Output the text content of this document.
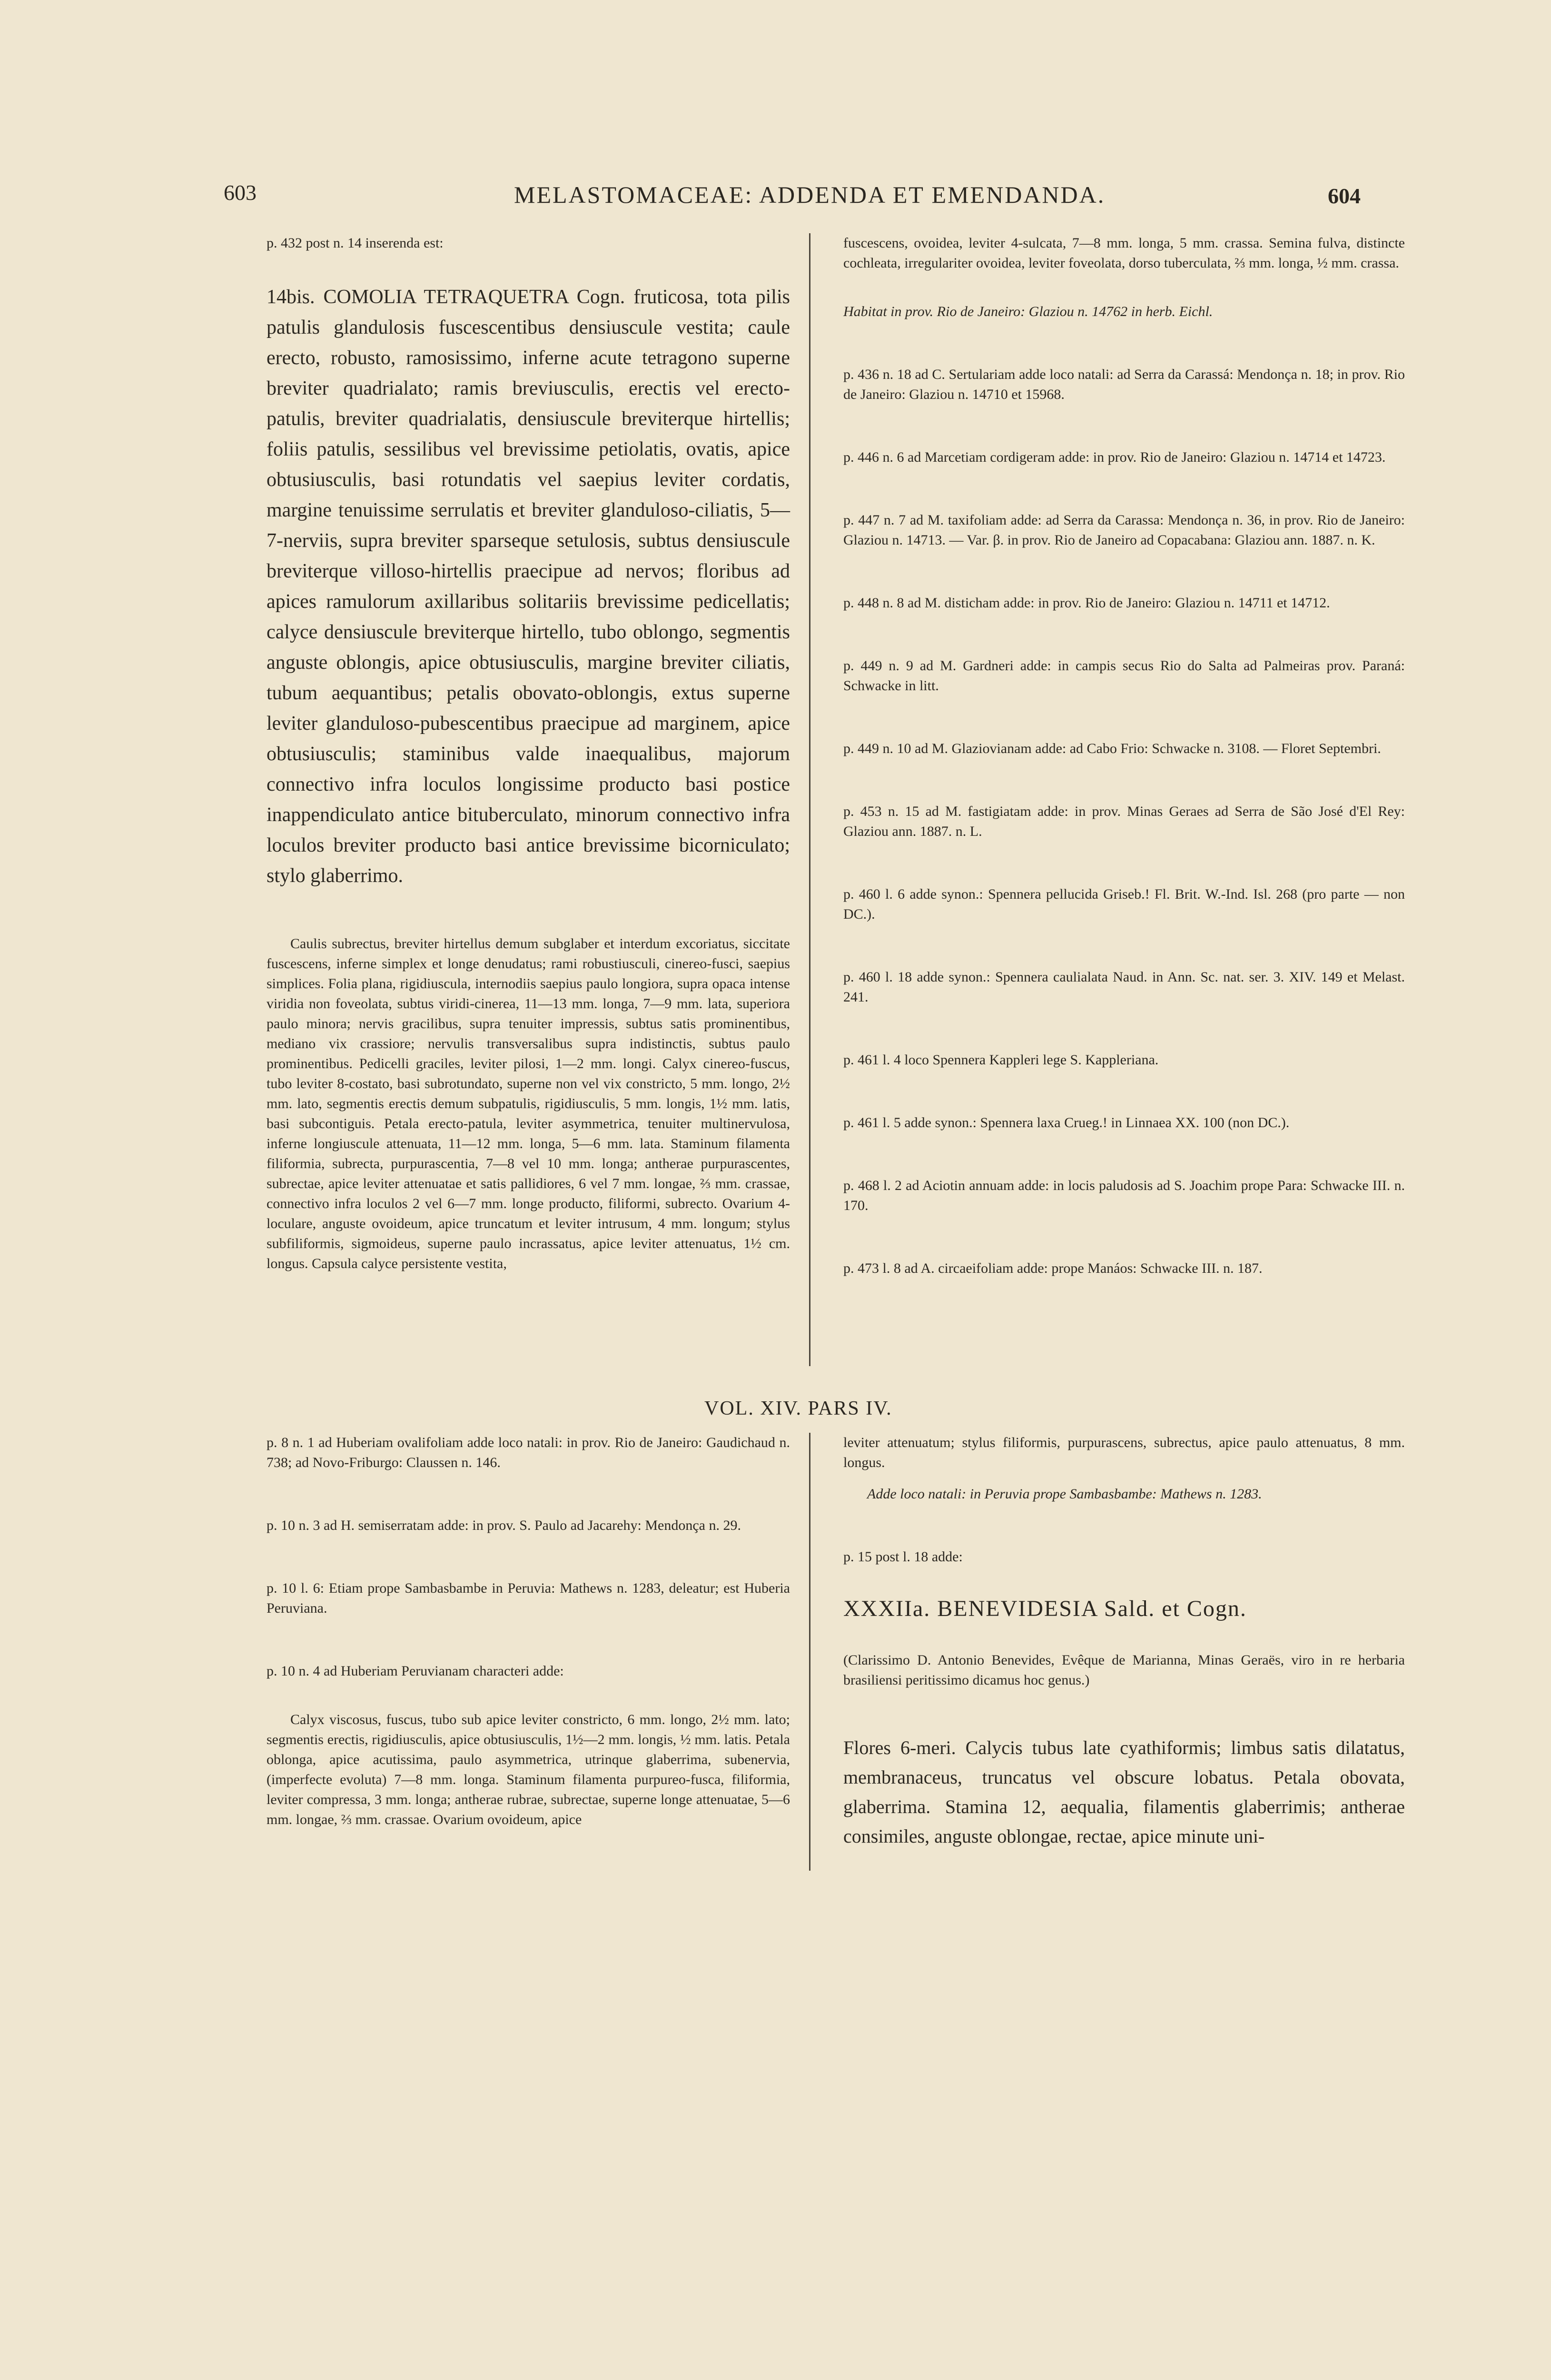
603	MELASTOMACEAE: ADDENDA ET EMENDANDA.	604

p. 432 post n. 14 inserenda est:

14bis. COMOLIA TETRAQUETRA Cogn. fruticosa, tota pilis patulis glandulosis fuscescentibus densiuscule vestita; caule erecto, robusto, ramosissimo, inferne acute tetragono superne breviter quadrialato; ramis breviusculis, erectis vel erecto-patulis, breviter quadrialatis, densiuscule breviterque hirtellis; foliis patulis, sessilibus vel brevissime petiolatis, ovatis, apice obtusiusculis, basi rotundatis vel saepius leviter cordatis, margine tenuissime serrulatis et breviter glanduloso-ciliatis, 5—7-nerviis, supra breviter sparseque setulosis, subtus densiuscule breviterque villoso-hirtellis praecipue ad nervos; floribus ad apices ramulorum axillaribus solitariis brevissime pedicellatis; calyce densiuscule breviterque hirtello, tubo oblongo, segmentis anguste oblongis, apice obtusiusculis, margine breviter ciliatis, tubum aequantibus; petalis obovato-oblongis, extus superne leviter glanduloso-pubescentibus praecipue ad marginem, apice obtusiusculis; staminibus valde inaequalibus, majorum connectivo infra loculos longissime producto basi postice inappendiculato antice bituberculato, minorum connectivo infra loculos breviter producto basi antice brevissime bicorniculato; stylo glaberrimo.

Caulis subrectus, breviter hirtellus demum subglaber et interdum excoriatus, siccitate fuscescens, inferne simplex et longe denudatus; rami robustiusculi, cinereo-fusci, saepius simplices. Folia plana, rigidiuscula, internodiis saepius paulo longiora, supra opaca intense viridia non foveolata, subtus viridi-cinerea, 11—13 mm. longa, 7—9 mm. lata, superiora paulo minora; nervis gracilibus, supra tenuiter impressis, subtus satis prominentibus, mediano vix crassiore; nervulis transversalibus supra indistinctis, subtus paulo prominentibus. Pedicelli graciles, leviter pilosi, 1—2 mm. longi. Calyx cinereo-fuscus, tubo leviter 8-costato, basi subrotundato, superne non vel vix constricto, 5 mm. longo, 2½ mm. lato, segmentis erectis demum subpatulis, rigidiusculis, 5 mm. longis, 1½ mm. latis, basi subcontiguis. Petala erecto-patula, leviter asymmetrica, tenuiter multinervulosa, inferne longiuscule attenuata, 11—12 mm. longa, 5—6 mm. lata. Staminum filamenta filiformia, subrecta, purpurascentia, 7—8 vel 10 mm. longa; antherae purpurascentes, subrectae, apice leviter attenuatae et satis pallidiores, 6 vel 7 mm. longae, ⅔ mm. crassae, connectivo infra loculos 2 vel 6—7 mm. longe producto, filiformi, subrecto. Ovarium 4-loculare, anguste ovoideum, apice truncatum et leviter intrusum, 4 mm. longum; stylus subfiliformis, sigmoideus, superne paulo incrassatus, apice leviter attenuatus, 1½ cm. longus. Capsula calyce persistente vestita,

fuscescens, ovoidea, leviter 4-sulcata, 7—8 mm. longa, 5 mm. crassa. Semina fulva, distincte cochleata, irregulariter ovoidea, leviter foveolata, dorso tuberculata, ⅔ mm. longa, ½ mm. crassa.

Habitat in prov. Rio de Janeiro: Glaziou n. 14762 in herb. Eichl.

p. 436 n. 18 ad C. Sertulariam adde loco natali: ad Serra da Carassá: Mendonça n. 18; in prov. Rio de Janeiro: Glaziou n. 14710 et 15968.

p. 446 n. 6 ad Marcetiam cordigeram adde: in prov. Rio de Janeiro: Glaziou n. 14714 et 14723.

p. 447 n. 7 ad M. taxifoliam adde: ad Serra da Carassa: Mendonça n. 36, in prov. Rio de Janeiro: Glaziou n. 14713. — Var. β. in prov. Rio de Janeiro ad Copacabana: Glaziou ann. 1887. n. K.

p. 448 n. 8 ad M. disticham adde: in prov. Rio de Janeiro: Glaziou n. 14711 et 14712.

p. 449 n. 9 ad M. Gardneri adde: in campis secus Rio do Salta ad Palmeiras prov. Paraná: Schwacke in litt.

p. 449 n. 10 ad M. Glaziovianam adde: ad Cabo Frio: Schwacke n. 3108. — Floret Septembri.

p. 453 n. 15 ad M. fastigiatam adde: in prov. Minas Geraes ad Serra de São José d'El Rey: Glaziou ann. 1887. n. L.

p. 460 l. 6 adde synon.: Spennera pellucida Griseb.! Fl. Brit. W.-Ind. Isl. 268 (pro parte — non DC.).

p. 460 l. 18 adde synon.: Spennera caulialata Naud. in Ann. Sc. nat. ser. 3. XIV. 149 et Melast. 241.

p. 461 l. 4 loco Spennera Kappleri lege S. Kappleriana.

p. 461 l. 5 adde synon.: Spennera laxa Crueg.! in Linnaea XX. 100 (non DC.).

p. 468 l. 2 ad Aciotin annuam adde: in locis paludosis ad S. Joachim prope Para: Schwacke III. n. 170.

p. 473 l. 8 ad A. circaeifoliam adde: prope Manáos: Schwacke III. n. 187.

VOL. XIV. PARS IV.

p. 8 n. 1 ad Huberiam ovalifoliam adde loco natali: in prov. Rio de Janeiro: Gaudichaud n. 738; ad Novo-Friburgo: Claussen n. 146.

p. 10 n. 3 ad H. semiserratam adde: in prov. S. Paulo ad Jacarehy: Mendonça n. 29.

p. 10 l. 6: Etiam prope Sambasbambe in Peruvia: Mathews n. 1283, deleatur; est Huberia Peruviana.

p. 10 n. 4 ad Huberiam Peruvianam characteri adde:

Calyx viscosus, fuscus, tubo sub apice leviter constricto, 6 mm. longo, 2½ mm. lato; segmentis erectis, rigidiusculis, apice obtusiusculis, 1½—2 mm. longis, ½ mm. latis. Petala oblonga, apice acutissima, paulo asymmetrica, utrinque glaberrima, subenervia, (imperfecte evoluta) 7—8 mm. longa. Staminum filamenta purpureo-fusca, filiformia, leviter compressa, 3 mm. longa; antherae rubrae, subrectae, superne longe attenuatae, 5—6 mm. longae, ⅔ mm. crassae. Ovarium ovoideum, apice

leviter attenuatum; stylus filiformis, purpurascens, subrectus, apice paulo attenuatus, 8 mm. longus.

Adde loco natali: in Peruvia prope Sambasbambe: Mathews n. 1283.

p. 15 post l. 18 adde:

XXXIIa. BENEVIDESIA Sald. et Cogn.

(Clarissimo D. Antonio Benevides, Evêque de Marianna, Minas Geraës, viro in re herbaria brasiliensi peritissimo dicamus hoc genus.)

Flores 6-meri. Calycis tubus late cyathiformis; limbus satis dilatatus, membranaceus, truncatus vel obscure lobatus. Petala obovata, glaberrima. Stamina 12, aequalia, filamentis glaberrimis; antherae consimiles, anguste oblongae, rectae, apice minute uni-
